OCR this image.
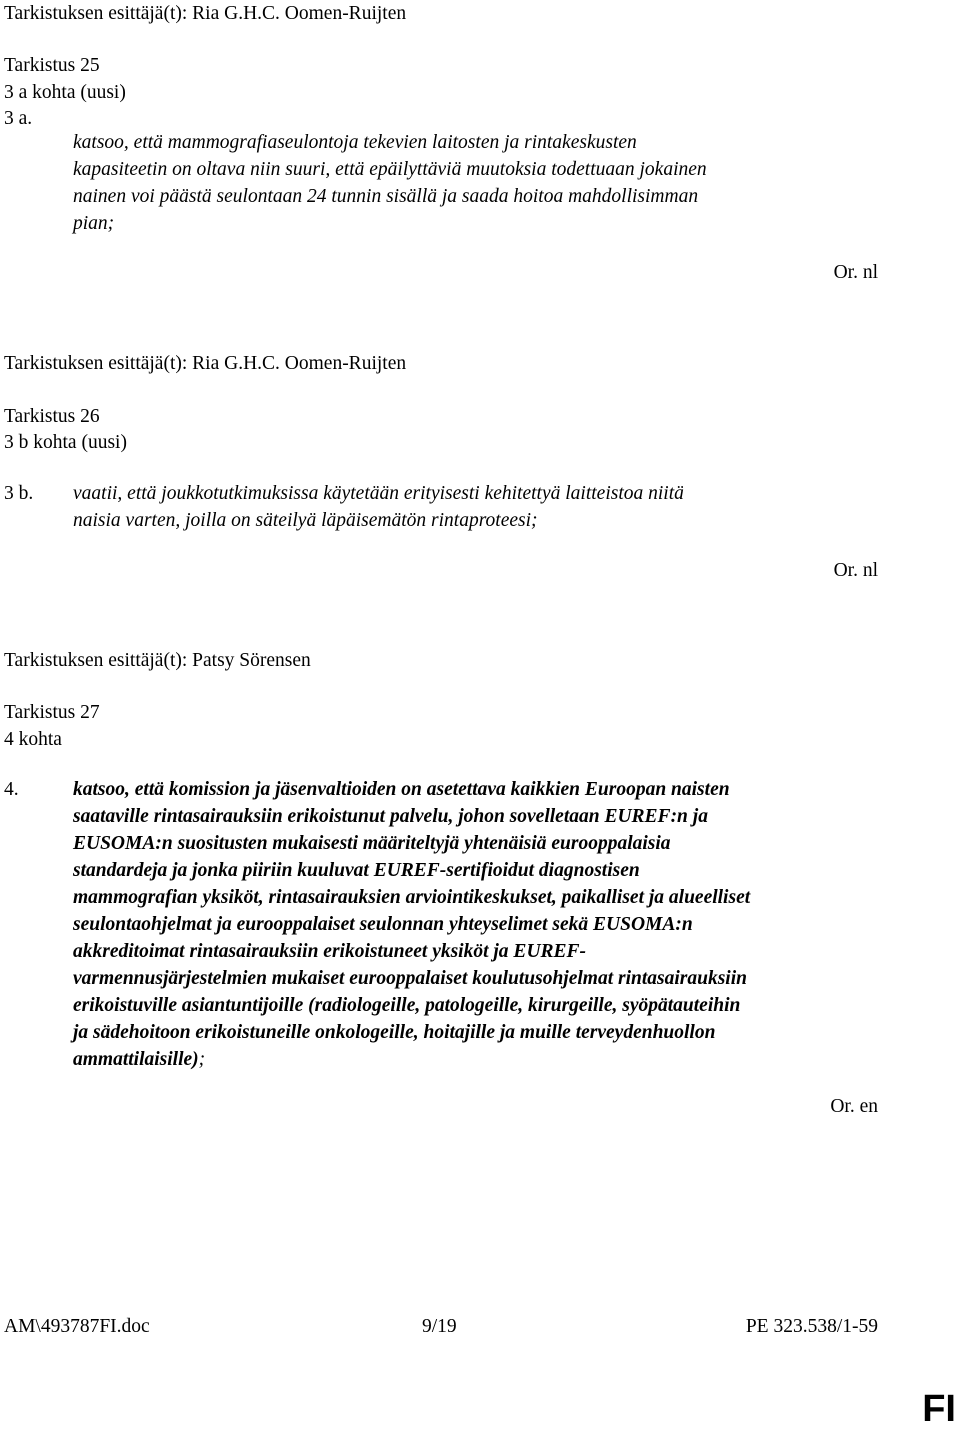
Tarkistuksen esittäjä(t): Ria G.H.C. Oomen-Ruijten
Tarkistus 25
3 a kohta (uusi)
3 a.

katsoo, että mammografiaseulontoja tekevien laitosten ja rintakeskusten

kapasiteetin on oltava niin suuri, että epäilyttäviä muutoksia todettuaan jokainen

nainen voi päästä seulontaan 24 tunnin sisällä ja saada hoitoa mahdollisimman

pian;

Or. nl
Tarkistuksen esittäjä(t): Ria G.H.C. Oomen-Ruijten
Tarkistus 26
3 b kohta (uusi)
3 b. vaatii, että joukkotutkimuksissa käytetään erityisesti kehitettyä laitteistoa niitä

naisia varten, joilla on säteilyä läpäisemätön rintaproteesi;

Or. nl
Tarkistuksen esittäjä(t): Patsy Sörensen
Tarkistus 27
4 kohta
4.	katsoo, että komission ja jäsenvaltioiden on asetettava kaikkien Euroopan naisten

saataville rintasairauksiin erikoistunut palvelu, johon sovelletaan EUREF:n ja

EUSOMA:n suositusten mukaisesti määriteltyjä yhtenäisiä eurooppalaisia

standardeja ja jonka piiriin kuuluvat EUREF-sertifioidut diagnostisen

mammografian yksiköt, rintasairauksien arviointikeskukset, paikalliset ja alueelliset

seulontaohjelmat ja eurooppalaiset seulonnan yhteyselimet sekä EUSOMA:n

akkreditoimat rintasairauksiin erikoistuneet yksiköt ja EUREF-

varmennusjärjestelmien mukaiset eurooppalaiset koulutusohjelmat rintasairauksiin

erikoistuville asiantuntijoille (radiologeille, patologeille, kirurgeille, syöpätauteihin

ja sädehoitoon erikoistuneille onkologeille, hoitajille ja muille terveydenhuollon

ammattilaisille);

Or. en
AM\493787FI.doc	9/19	PE 323.538/1-59
FI
